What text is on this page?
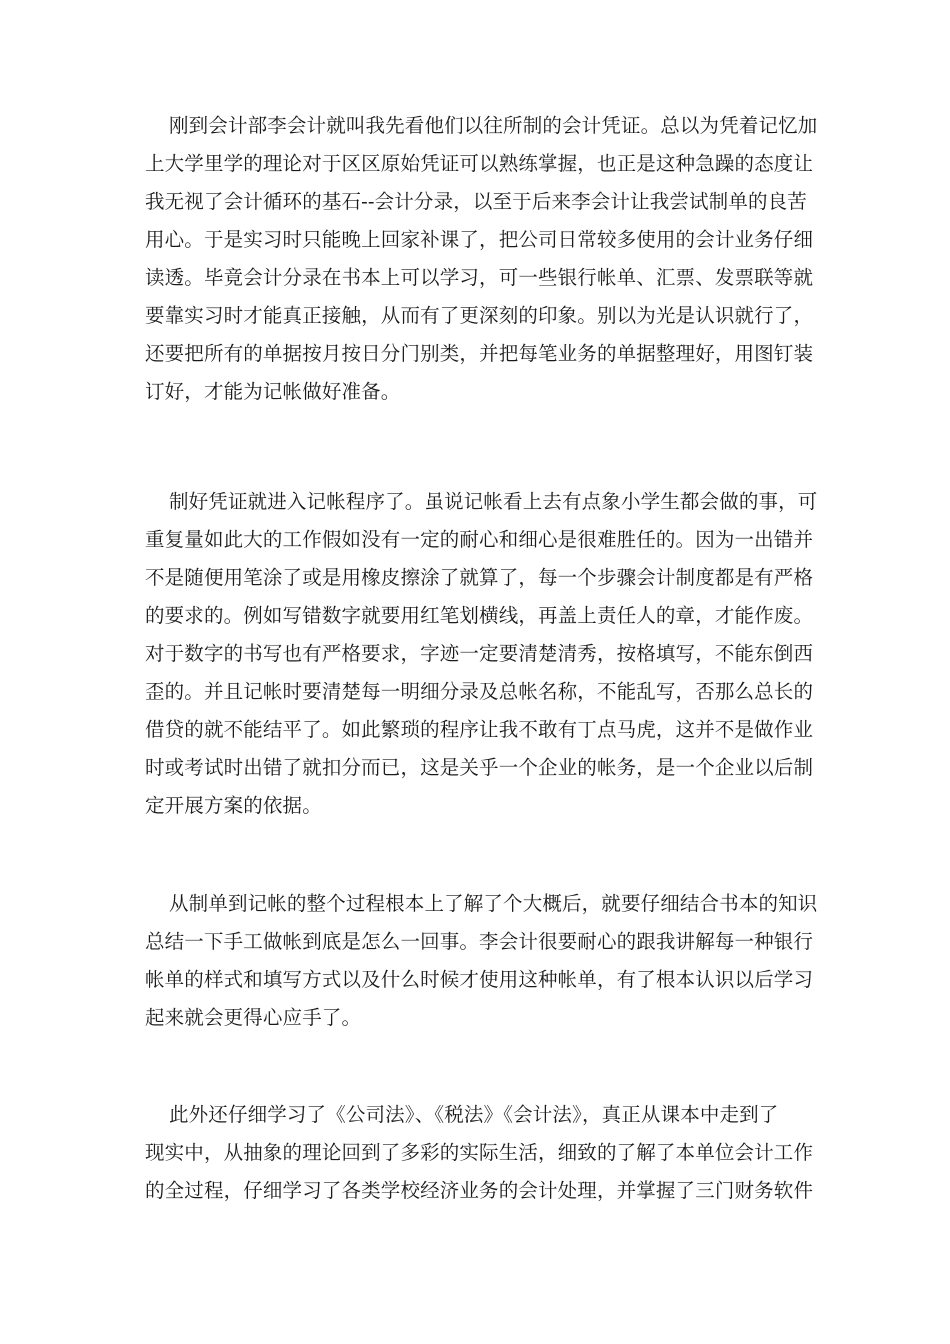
刚到会计部李会计就叫我先看他们以往所制的会计凭证。总以为凭着记忆加
上大学里学的理论对于区区原始凭证可以熟练掌握，也正是这种急躁的态度让
我无视了会计循环的基石--会计分录，以至于后来李会计让我尝试制单的良苦
用心。于是实习时只能晚上回家补课了，把公司日常较多使用的会计业务仔细
读透。毕竟会计分录在书本上可以学习，可一些银行帐单、汇票、发票联等就
要靠实习时才能真正接触，从而有了更深刻的印象。别以为光是认识就行了，
还要把所有的单据按月按日分门别类，并把每笔业务的单据整理好，用图钉装
订好，才能为记帐做好准备。
制好凭证就进入记帐程序了。虽说记帐看上去有点象小学生都会做的事，可
重复量如此大的工作假如没有一定的耐心和细心是很难胜任的。因为一出错并
不是随便用笔涂了或是用橡皮擦涂了就算了，每一个步骤会计制度都是有严格
的要求的。例如写错数字就要用红笔划横线，再盖上责任人的章，才能作废。
对于数字的书写也有严格要求，字迹一定要清楚清秀，按格填写，不能东倒西
歪的。并且记帐时要清楚每一明细分录及总帐名称，不能乱写，否那么总长的
借贷的就不能结平了。如此繁琐的程序让我不敢有丁点马虎，这并不是做作业
时或考试时出错了就扣分而已，这是关乎一个企业的帐务，是一个企业以后制
定开展方案的依据。
从制单到记帐的整个过程根本上了解了个大概后，就要仔细结合书本的知识
总结一下手工做帐到底是怎么一回事。李会计很要耐心的跟我讲解每一种银行
帐单的样式和填写方式以及什么时候才使用这种帐单，有了根本认识以后学习
起来就会更得心应手了。
此外还仔细学习了《公司法》、《税法》《会计法》，真正从课本中走到了
现实中，从抽象的理论回到了多彩的实际生活，细致的了解了本单位会计工作
的全过程，仔细学习了各类学校经济业务的会计处理，并掌握了三门财务软件
